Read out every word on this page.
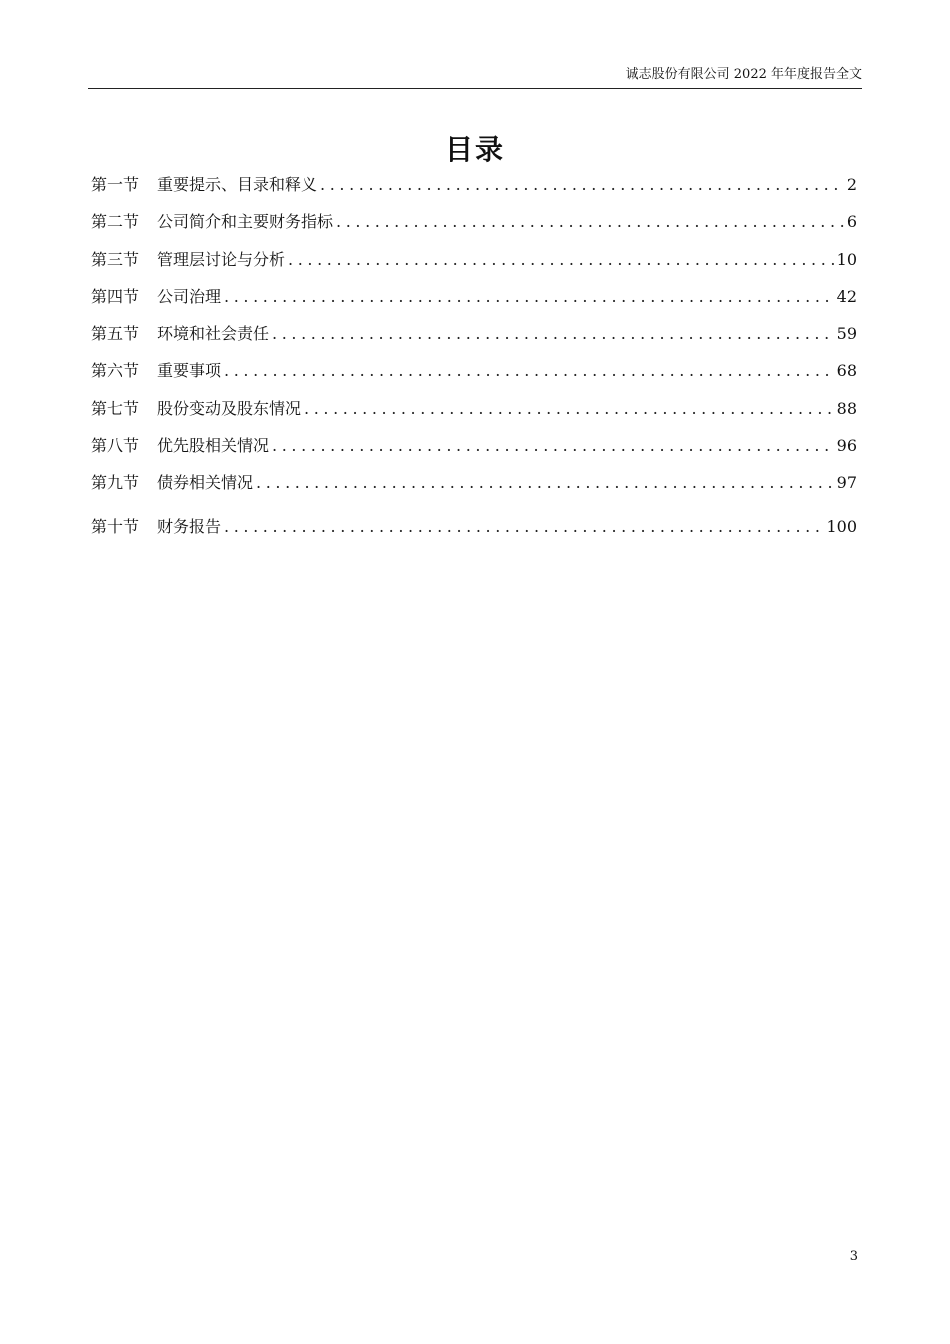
诚志股份有限公司 2022 年年度报告全文
目录
第一节	重要提示、目录和释义 .....	2
第二节	公司简介和主要财务指标 .....	6
第三节	管理层讨论与分析 .....	10
第四节	公司治理 .....	42
第五节	环境和社会责任 .....	59
第六节	重要事项 .....	68
第七节	股份变动及股东情况 .....	88
第八节	优先股相关情况 .....	96
第九节	债券相关情况 .....	97
第十节	财务报告 .....	100
3
